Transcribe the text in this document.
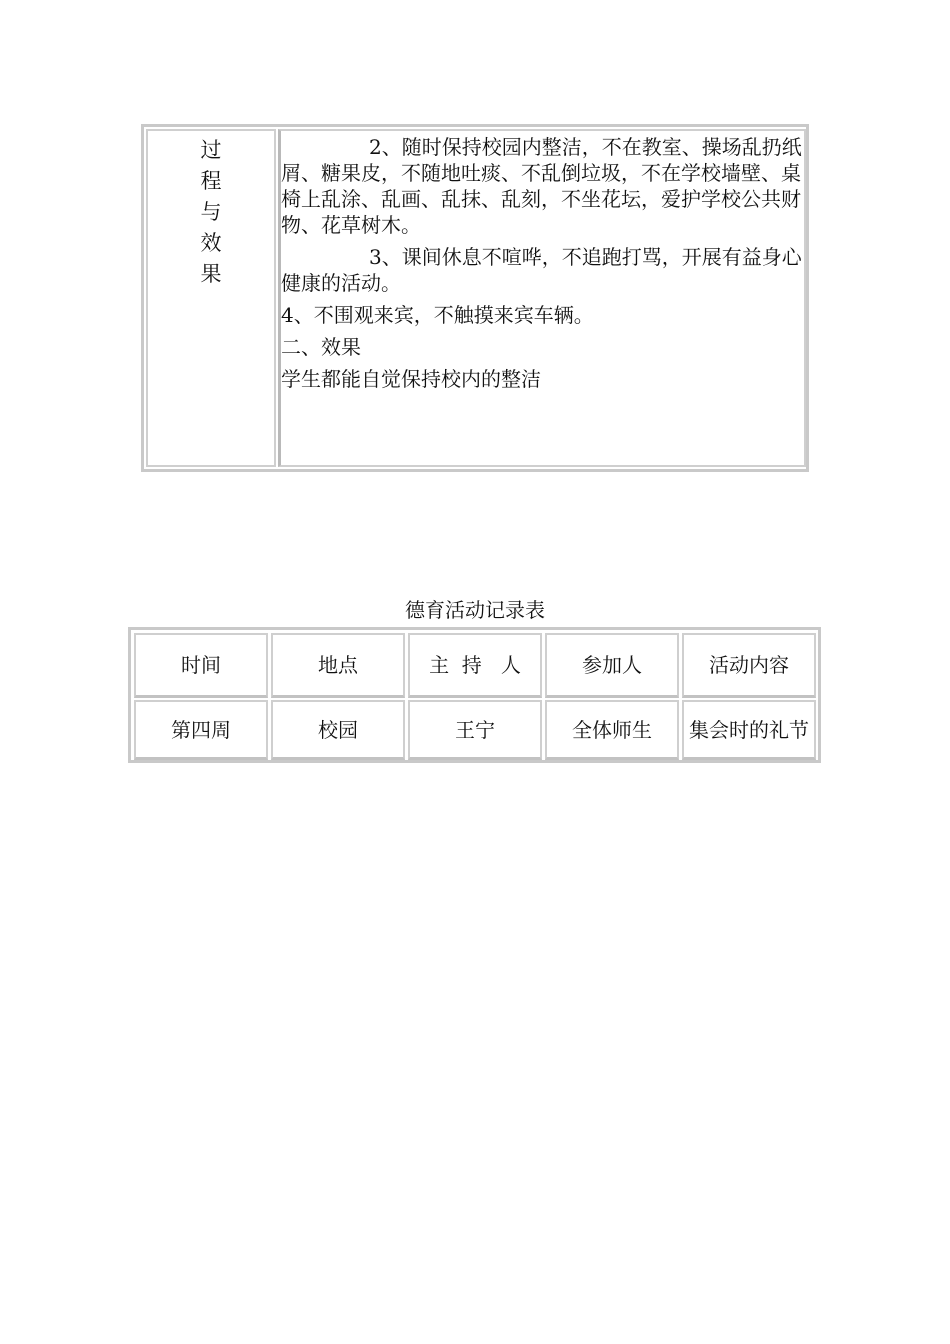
过
程
与
效
果

2、随时保持校园内整洁，不在教室、操场乱扔纸屑、糖果皮，不随地吐痰、不乱倒垃圾，不在学校墙壁、桌椅上乱涂、乱画、乱抹、乱刻，不坐花坛，爱护学校公共财物、花草树木。

3、课间休息不喧哗，不追跑打骂，开展有益身心健康的活动。

4、不围观来宾，不触摸来宾车辆。

二、效果

学生都能自觉保持校内的整洁

德育活动记录表
时间	地点	主  持   人	参加人	活动内容
第四周	校园	王宁	全体师生	集会时的礼节
